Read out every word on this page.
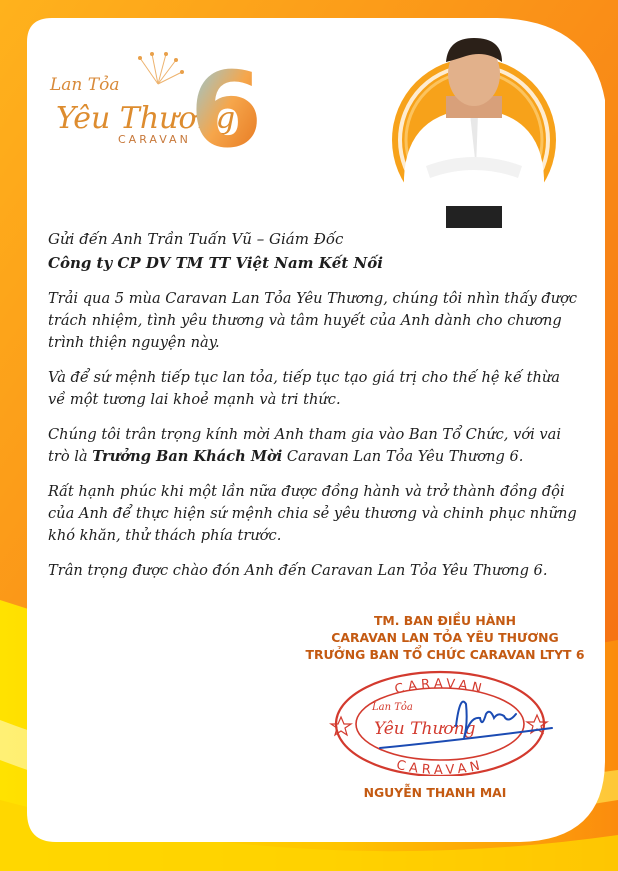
Lan Tỏa
Yêu Thương
CARAVAN 6
Gửi đến Anh Trần Tuấn Vũ – Giám Đốc
Công ty CP DV TM TT Việt Nam Kết Nối

Trải qua 5 mùa Caravan Lan Tỏa Yêu Thương, chúng tôi nhìn thấy được trách nhiệm, tình yêu thương và tâm huyết của Anh dành cho chương trình thiện nguyện này.

Và để sứ mệnh tiếp tục lan tỏa, tiếp tục tạo giá trị cho thế hệ kế thừa về một tương lai khoẻ mạnh và tri thức.

Chúng tôi trân trọng kính mời Anh tham gia vào Ban Tổ Chức, với vai trò là Trưởng Ban Khách Mời Caravan Lan Tỏa Yêu Thương 6.

Rất hạnh phúc khi một lần nữa được đồng hành và trở thành đồng đội của Anh để thực hiện sứ mệnh chia sẻ yêu thương và chinh phục những khó khăn, thử thách phía trước.

Trân trọng được chào đón Anh đến Caravan Lan Tỏa Yêu Thương 6.

TM. BAN ĐIỀU HÀNH
CARAVAN LAN TỎA YÊU THƯƠNG
TRƯỞNG BAN TỔ CHỨC CARAVAN LTYT 6
CARAVAN
CARAVAN
Lan Tỏa
Yêu Thương
NGUYỄN THANH MAI
